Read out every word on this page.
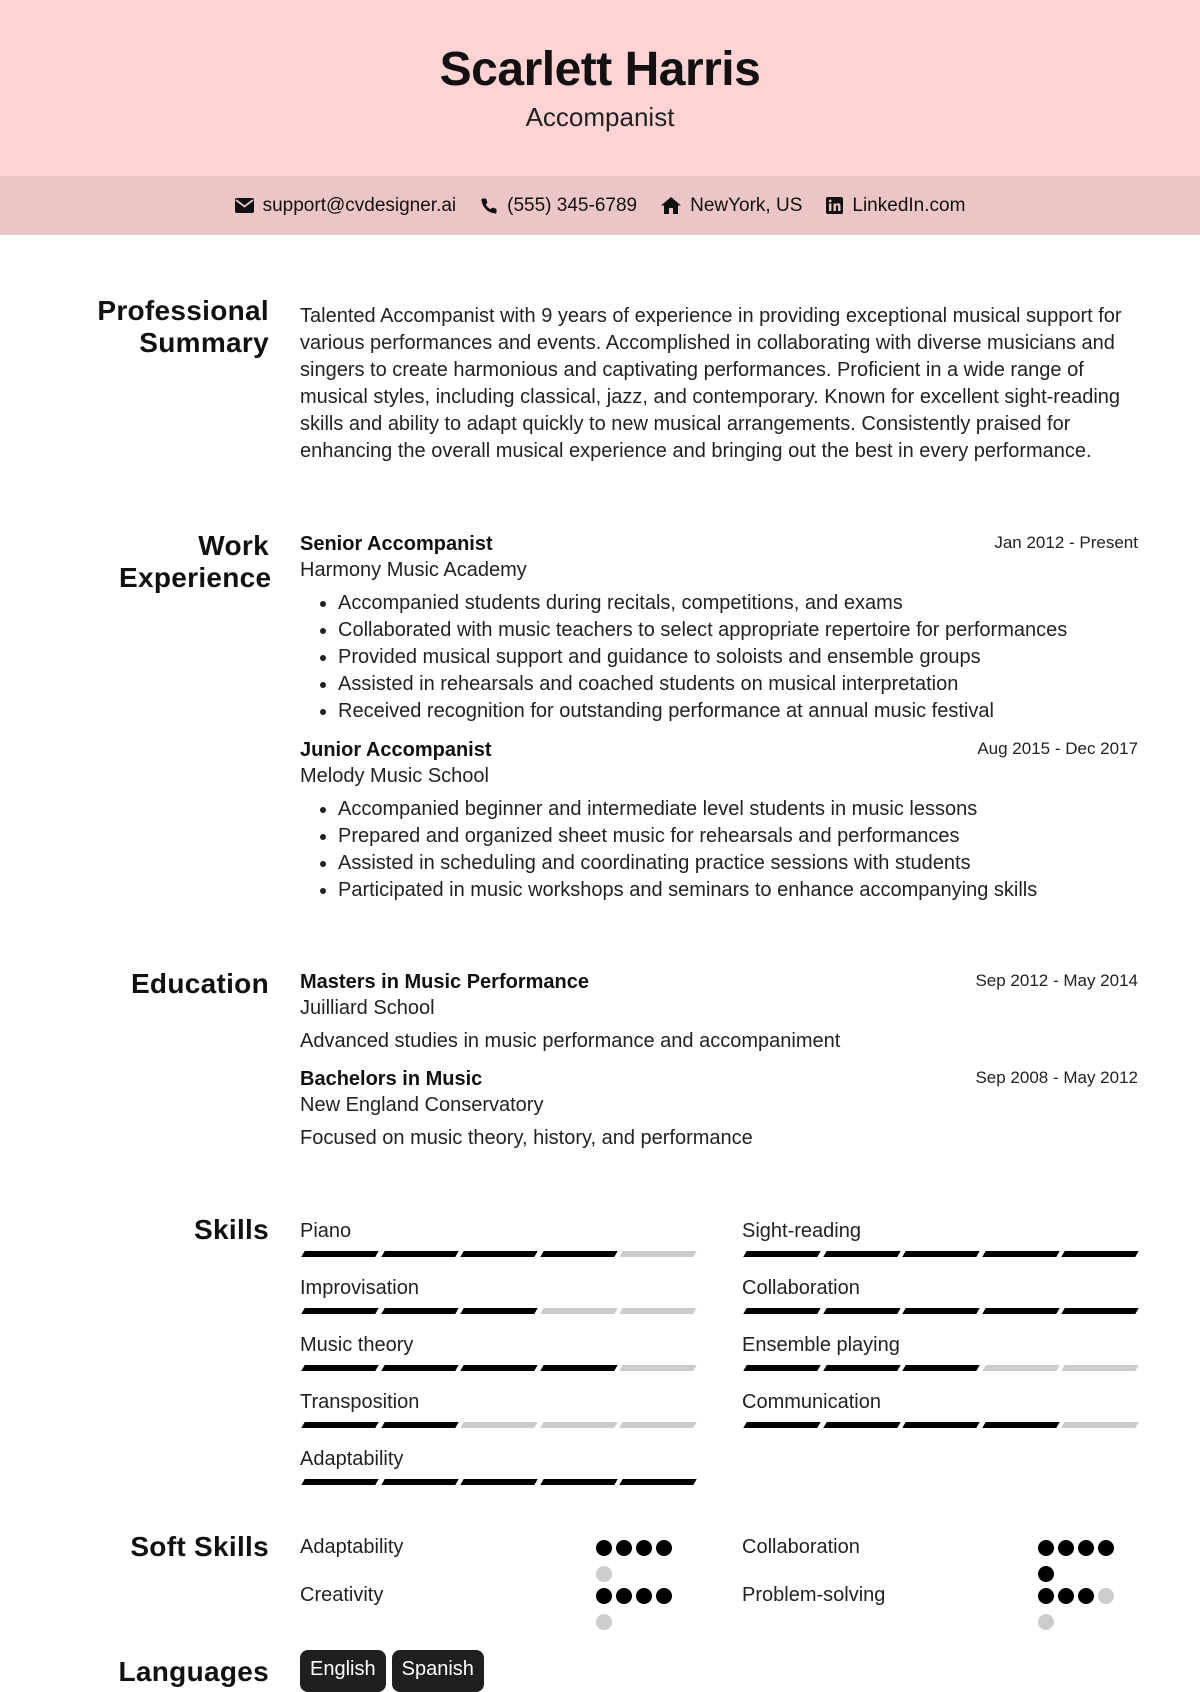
Scarlett Harris
Accompanist
support@cvdesigner.ai	(555) 345-6789	NewYork, US	LinkedIn.com
Professional Summary
Talented Accompanist with 9 years of experience in providing exceptional musical support for various performances and events. Accomplished in collaborating with diverse musicians and singers to create harmonious and captivating performances. Proficient in a wide range of musical styles, including classical, jazz, and contemporary. Known for excellent sight-reading skills and ability to adapt quickly to new musical arrangements. Consistently praised for enhancing the overall musical experience and bringing out the best in every performance.
Work Experience
Senior Accompanist	Jan 2012 - Present
Harmony Music Academy
• Accompanied students during recitals, competitions, and exams
• Collaborated with music teachers to select appropriate repertoire for performances
• Provided musical support and guidance to soloists and ensemble groups
• Assisted in rehearsals and coached students on musical interpretation
• Received recognition for outstanding performance at annual music festival
Junior Accompanist	Aug 2015 - Dec 2017
Melody Music School
• Accompanied beginner and intermediate level students in music lessons
• Prepared and organized sheet music for rehearsals and performances
• Assisted in scheduling and coordinating practice sessions with students
• Participated in music workshops and seminars to enhance accompanying skills
Education Masters in Music Performance	Sep 2012 - May 2014
Juilliard School
Advanced studies in music performance and accompaniment
Bachelors in Music	Sep 2008 - May 2012
New England Conservatory
Focused on music theory, history, and performance
Skills Piano	Sight-reading
Improvisation	Collaboration
Music theory	Ensemble playing
Transposition	Communication
Adaptability
Soft Skills Adaptability	Collaboration
Creativity	Problem-solving
Languages	English Spanish
